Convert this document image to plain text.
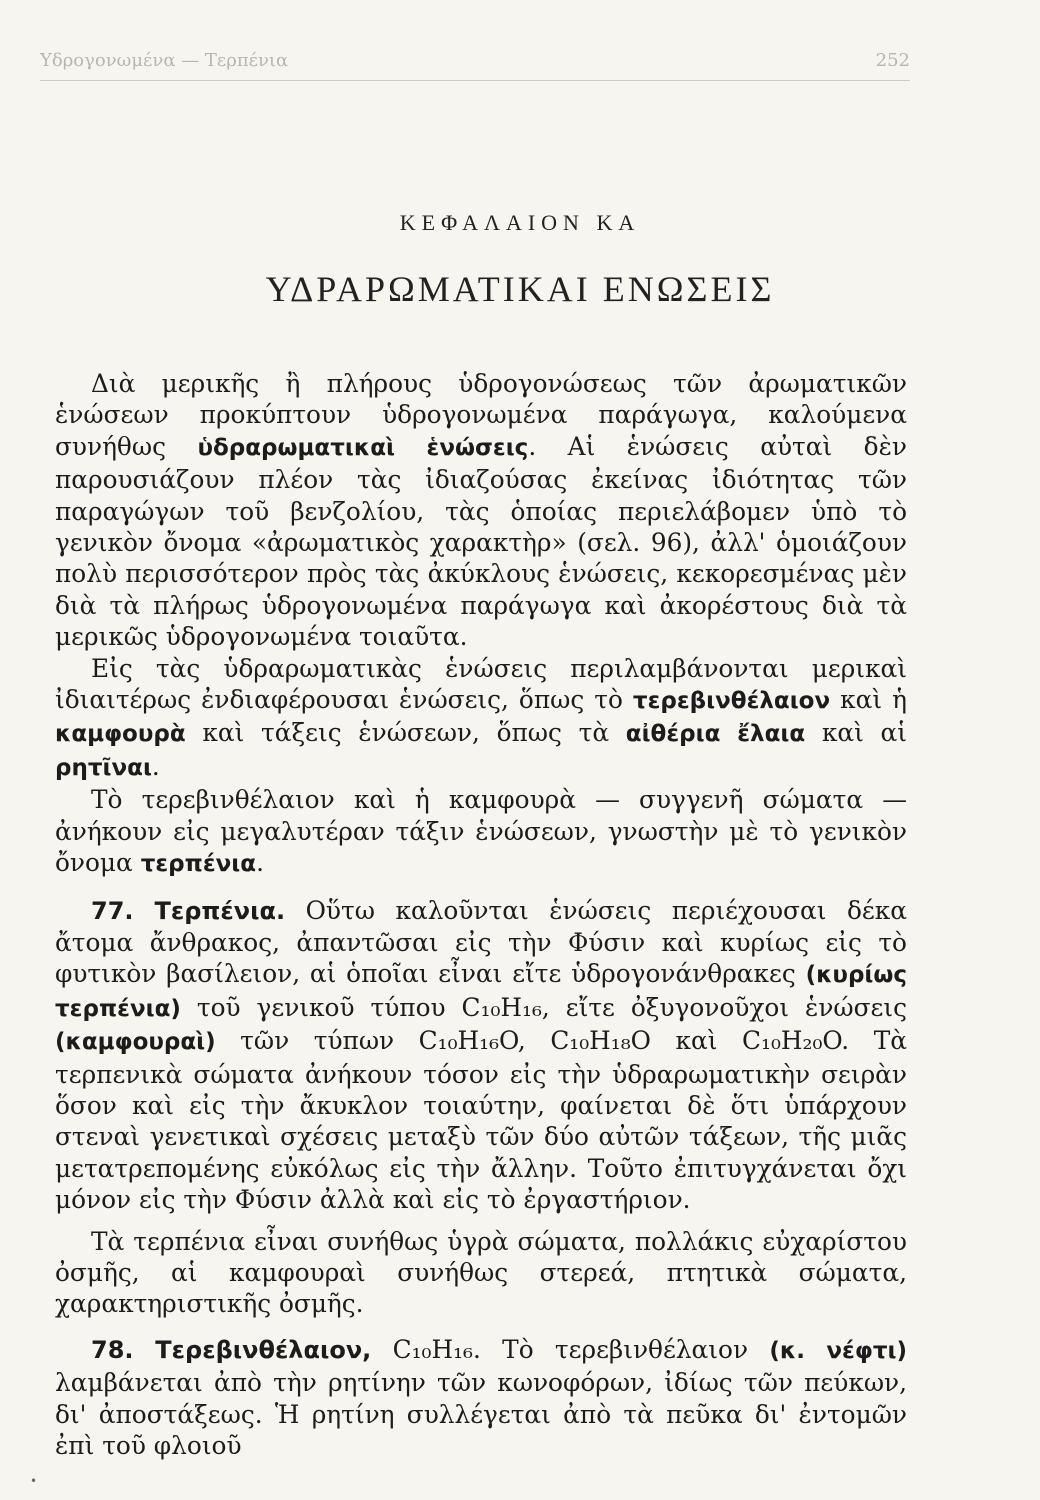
Υδρογονωμένα — Τερπένια	252
ΚΕΦΑΛΑΙΟΝ ΚΑ
ΥΔΡΑΡΩΜΑΤΙΚΑΙ ΕΝΩΣΕΙΣ

Διὰ μερικῆς ἢ πλήρους ὑδρογονώσεως τῶν ἀρωματικῶν ἑνώσεων προκύπτουν ὑδρογονωμένα παράγωγα, καλούμενα συνήθως ὑδραρωματικαὶ ἑνώσεις. Αἱ ἑνώσεις αὐταὶ δὲν παρουσιάζουν πλέον τὰς ἰδιαζούσας ἐκείνας ἰδιότητας τῶν παραγώγων τοῦ βενζολίου, τὰς ὁποίας περιελάβομεν ὑπὸ τὸ γενικὸν ὄνομα «ἀρωματικὸς χαρακτὴρ» (σελ. 96), ἀλλ' ὁμοιάζουν πολὺ περισσότερον πρὸς τὰς ἀκύκλους ἑνώσεις, κεκορεσμένας μὲν διὰ τὰ πλήρως ὑδρογονωμένα παράγωγα καὶ ἀκορέστους διὰ τὰ μερικῶς ὑδρογονωμένα τοιαῦτα.

Εἰς τὰς ὑδραρωματικὰς ἑνώσεις περιλαμβάνονται μερικαὶ ἰδιαιτέρως ἐνδιαφέρουσαι ἑνώσεις, ὅπως τὸ τερεβινθέλαιον καὶ ἡ καμφουρὰ καὶ τάξεις ἑνώσεων, ὅπως τὰ αἰθέρια ἔλαια καὶ αἱ ρητῖναι.

Τὸ τερεβινθέλαιον καὶ ἡ καμφουρὰ — συγγενῆ σώματα — ἀνήκουν εἰς μεγαλυτέραν τάξιν ἑνώσεων, γνωστὴν μὲ τὸ γενικὸν ὄνομα τερπένια.

77. Τερπένια. Οὕτω καλοῦνται ἑνώσεις περιέχουσαι δέκα ἄτομα ἄνθρακος, ἀπαντῶσαι εἰς τὴν Φύσιν καὶ κυρίως εἰς τὸ φυτικὸν βασίλειον, αἱ ὁποῖαι εἶναι εἴτε ὑδρογονάνθρακες (κυρίως τερπένια) τοῦ γενικοῦ τύπου C₁₀H₁₆, εἴτε ὀξυγονοῦχοι ἑνώσεις (καμφουραὶ) τῶν τύπων C₁₀H₁₆O, C₁₀H₁₈O καὶ C₁₀H₂₀O. Τὰ τερπενικὰ σώματα ἀνήκουν τόσον εἰς τὴν ὑδραρωματικὴν σειρὰν ὅσον καὶ εἰς τὴν ἄκυκλον τοιαύτην, φαίνεται δὲ ὅτι ὑπάρχουν στεναὶ γενετικαὶ σχέσεις μεταξὺ τῶν δύο αὐτῶν τάξεων, τῆς μιᾶς μετατρεπομένης εὐκόλως εἰς τὴν ἄλλην. Τοῦτο ἐπιτυγχάνεται ὄχι μόνον εἰς τὴν Φύσιν ἀλλὰ καὶ εἰς τὸ ἐργαστήριον.

Τὰ τερπένια εἶναι συνήθως ὑγρὰ σώματα, πολλάκις εὐχαρίστου ὀσμῆς, αἱ καμφουραὶ συνήθως στερεά, πτητικὰ σώματα, χαρακτηριστικῆς ὀσμῆς.

78. Τερεβινθέλαιον, C₁₀H₁₆. Τὸ τερεβινθέλαιον (κ. νέφτι) λαμβάνεται ἀπὸ τὴν ρητίνην τῶν κωνοφόρων, ἰδίως τῶν πεύκων, δι' ἀποστάξεως. Ἡ ρητίνη συλλέγεται ἀπὸ τὰ πεῦκα δι' ἐντομῶν ἐπὶ τοῦ φλοιοῦ

•
